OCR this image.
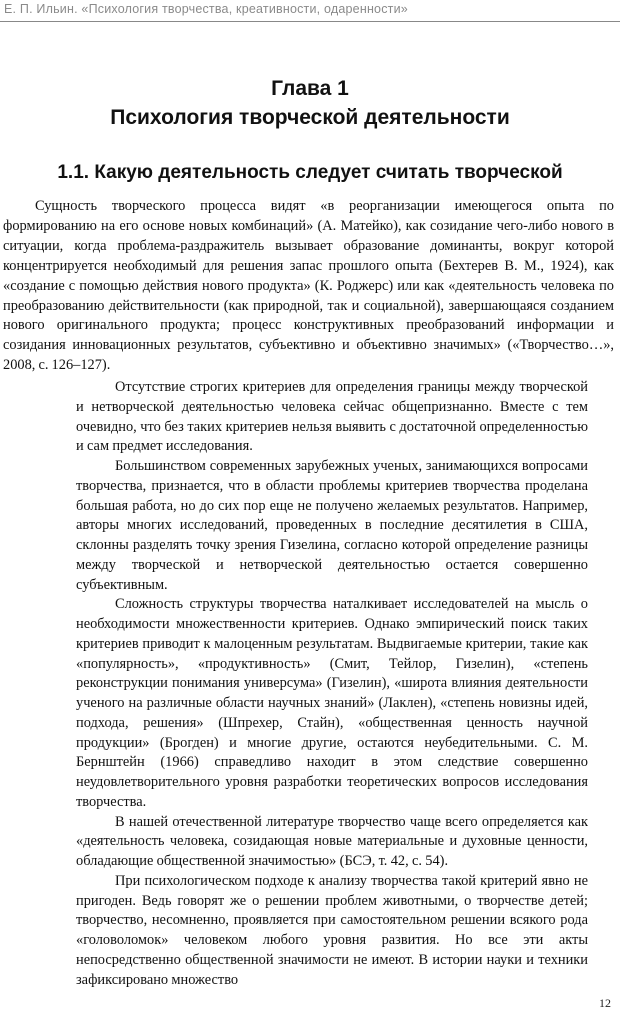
Е. П. Ильин. «Психология творчества, креативности, одаренности»
Глава 1
Психология творческой деятельности
1.1. Какую деятельность следует считать творческой

Сущность творческого процесса видят «в реорганизации имеющегося опыта по формированию на его основе новых комбинаций» (А. Матейко), как созидание чего-либо нового в ситуации, когда проблема-раздражитель вызывает образование доминанты, вокруг которой концентрируется необходимый для решения запас прошлого опыта (Бехтерев В. М., 1924), как «создание с помощью действия нового продукта» (К. Роджерс) или как «деятельность человека по преобразованию действительности (как природной, так и социальной), завершающаяся созданием нового оригинального продукта; процесс конструктивных преобразований информации и созидания инновационных результатов, субъективно и объективно значимых» («Творчество…», 2008, с. 126–127).

Отсутствие строгих критериев для определения границы между творческой и нетворческой деятельностью человека сейчас общепризнанно. Вместе с тем очевидно, что без таких критериев нельзя выявить с достаточной определенностью и сам предмет исследования.

Большинством современных зарубежных ученых, занимающихся вопросами творчества, признается, что в области проблемы критериев творчества проделана большая работа, но до сих пор еще не получено желаемых результатов. Например, авторы многих исследований, проведенных в последние десятилетия в США, склонны разделять точку зрения Гизелина, согласно которой определение разницы между творческой и нетворческой деятельностью остается совершенно субъективным.

Сложность структуры творчества наталкивает исследователей на мысль о необходимости множественности критериев. Однако эмпирический поиск таких критериев приводит к малоценным результатам. Выдвигаемые критерии, такие как «популярность», «продуктивность» (Смит, Тейлор, Гизелин), «степень реконструкции понимания универсума» (Гизелин), «широта влияния деятельности ученого на различные области научных знаний» (Лаклен), «степень новизны идей, подхода, решения» (Шпрехер, Стайн), «общественная ценность научной продукции» (Брогден) и многие другие, остаются неубедительными. С. М. Бернштейн (1966) справедливо находит в этом следствие совершенно неудовлетворительного уровня разработки теоретических вопросов исследования творчества.

В нашей отечественной литературе творчество чаще всего определяется как «деятельность человека, созидающая новые материальные и духовные ценности, обладающие общественной значимостью» (БСЭ, т. 42, с. 54).

При психологическом подходе к анализу творчества такой критерий явно не пригоден. Ведь говорят же о решении проблем животными, о творчестве детей; творчество, несомненно, проявляется при самостоятельном решении всякого рода «головоломок» человеком любого уровня развития. Но все эти акты непосредственно общественной значимости не имеют. В истории науки и техники зафиксировано множество

12
